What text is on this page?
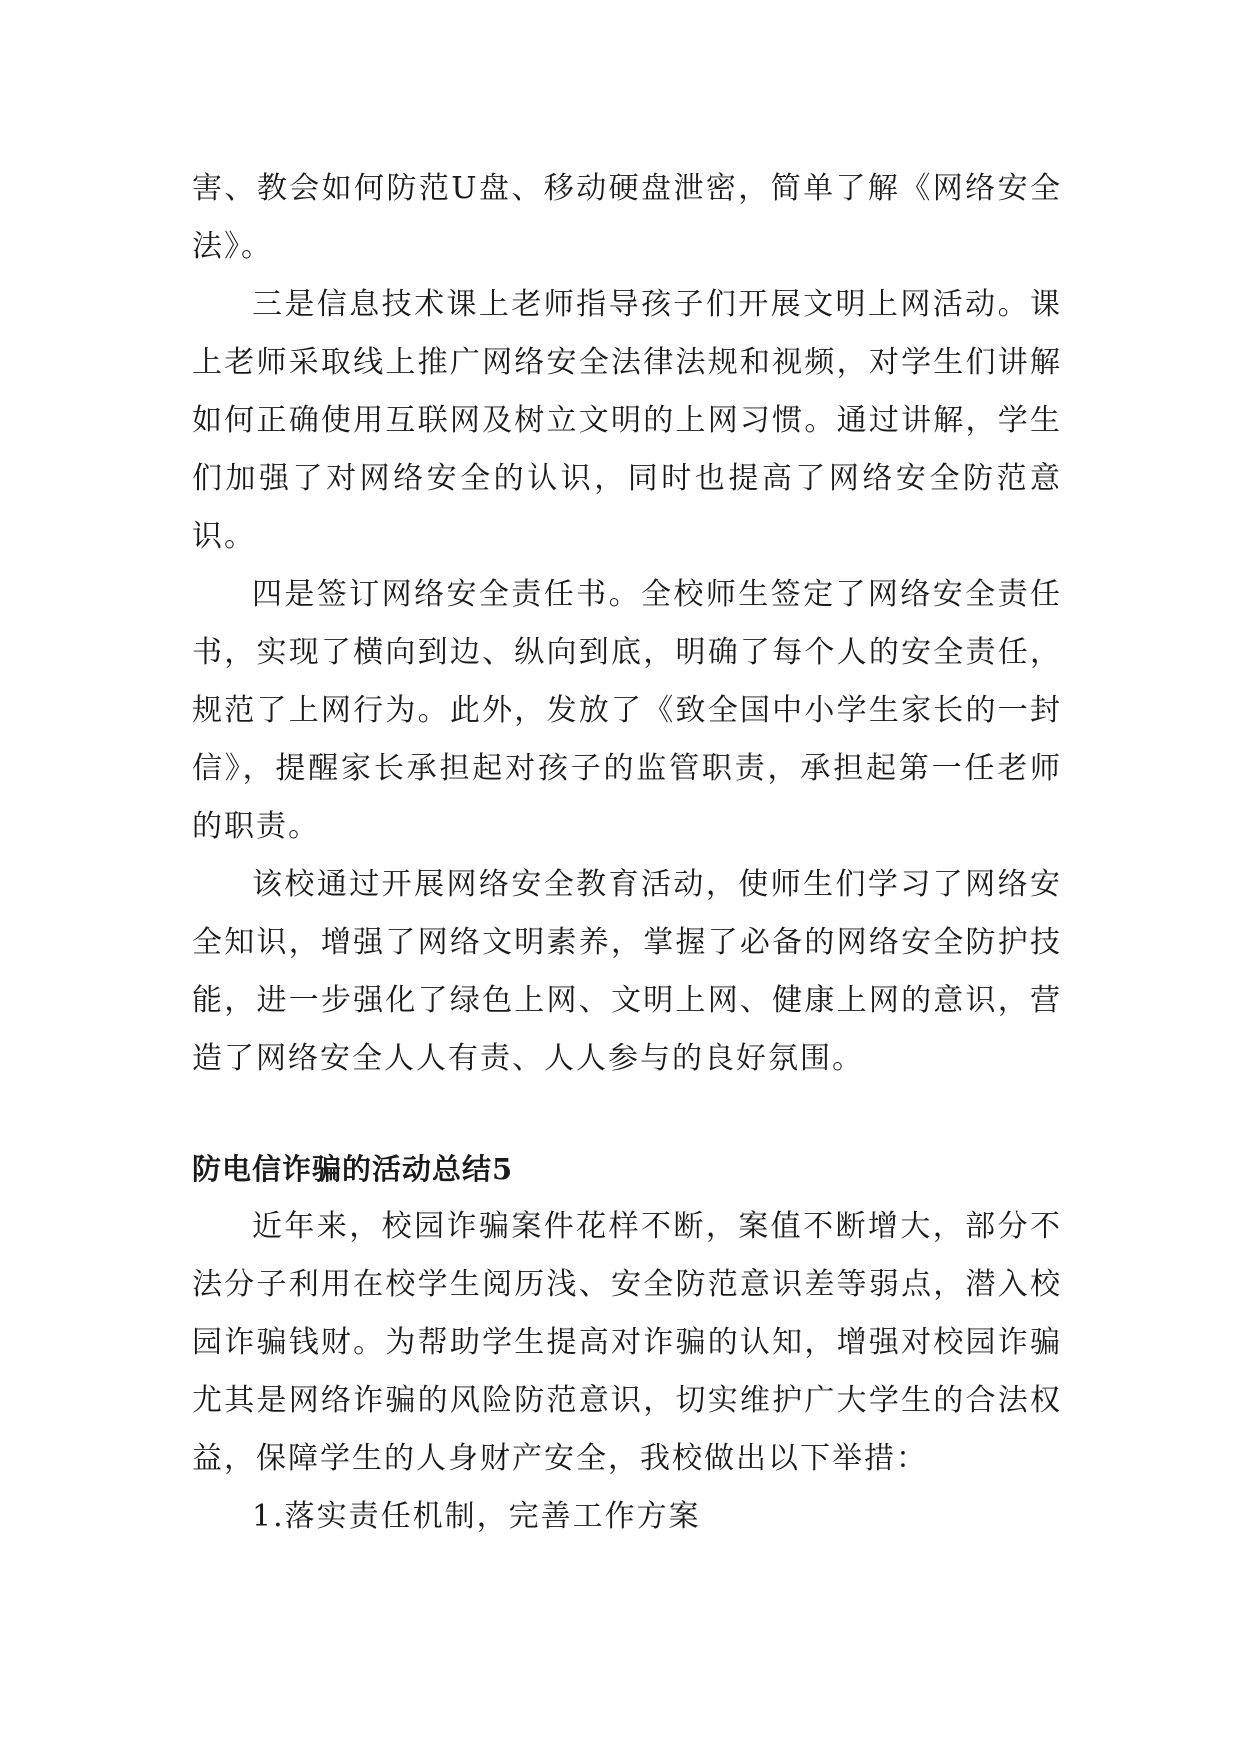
害、教会如何防范U盘、移动硬盘泄密，简单了解《网络安全法》。

三是信息技术课上老师指导孩子们开展文明上网活动。课上老师采取线上推广网络安全法律法规和视频，对学生们讲解如何正确使用互联网及树立文明的上网习惯。通过讲解，学生们加强了对网络安全的认识，同时也提高了网络安全防范意识。

四是签订网络安全责任书。全校师生签定了网络安全责任书，实现了横向到边、纵向到底，明确了每个人的安全责任，规范了上网行为。此外，发放了《致全国中小学生家长的一封信》，提醒家长承担起对孩子的监管职责，承担起第一任老师的职责。

该校通过开展网络安全教育活动，使师生们学习了网络安全知识，增强了网络文明素养，掌握了必备的网络安全防护技能，进一步强化了绿色上网、文明上网、健康上网的意识，营造了网络安全人人有责、人人参与的良好氛围。

防电信诈骗的活动总结5

近年来，校园诈骗案件花样不断，案值不断增大，部分不法分子利用在校学生阅历浅、安全防范意识差等弱点，潜入校园诈骗钱财。为帮助学生提高对诈骗的认知，增强对校园诈骗尤其是网络诈骗的风险防范意识，切实维护广大学生的合法权益，保障学生的人身财产安全，我校做出以下举措：

1.落实责任机制，完善工作方案
